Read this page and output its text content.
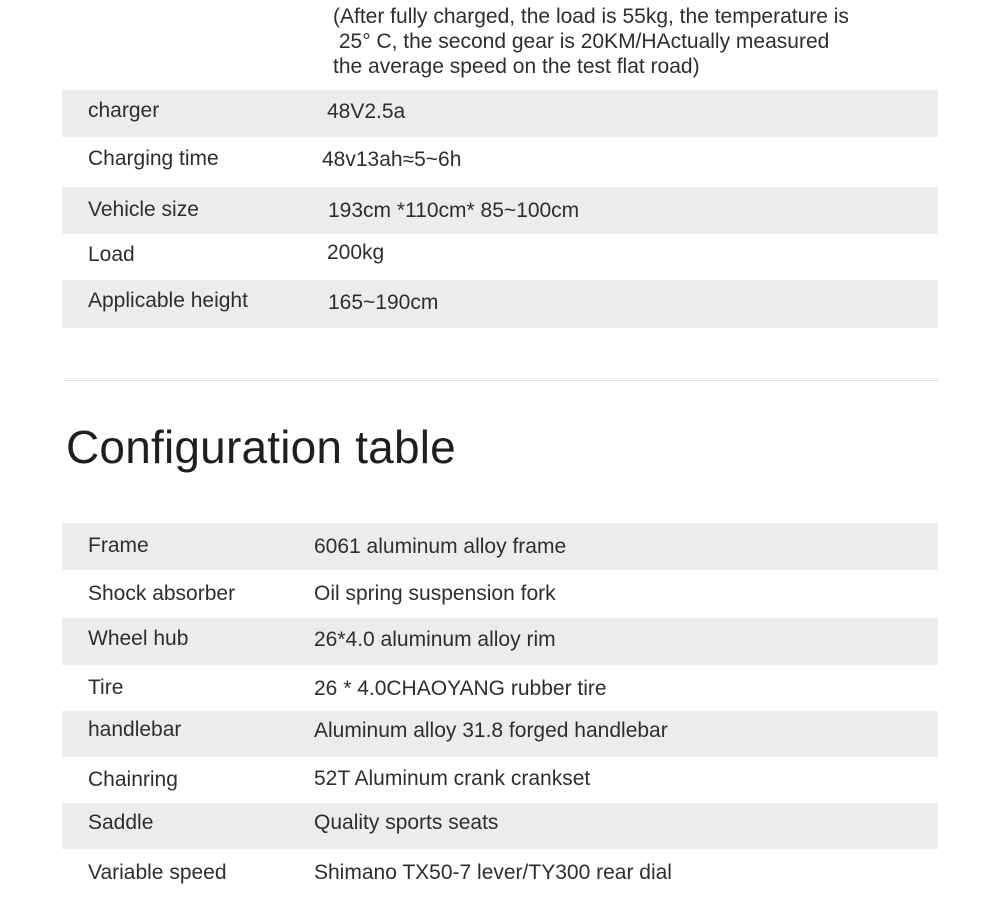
(After fully charged, the load is 55kg, the temperature is
25° C, the second gear is 20KM/HActually measured
the average speed on the test flat road)

charger	48V2.5a
Charging time	48v13ah≈5~6h
Vehicle size	193cm *110cm* 85~100cm
Load	200kg
Applicable height	165~190cm
Configuration table
Frame	6061 aluminum alloy frame
Shock absorber	Oil spring suspension fork
Wheel hub	26*4.0 aluminum alloy rim
Tire	26 * 4.0CHAOYANG rubber tire
handlebar	Aluminum alloy 31.8 forged handlebar
Chainring	52T Aluminum crank crankset
Saddle	Quality sports seats
Variable speed	Shimano TX50-7 lever/TY300 rear dial
